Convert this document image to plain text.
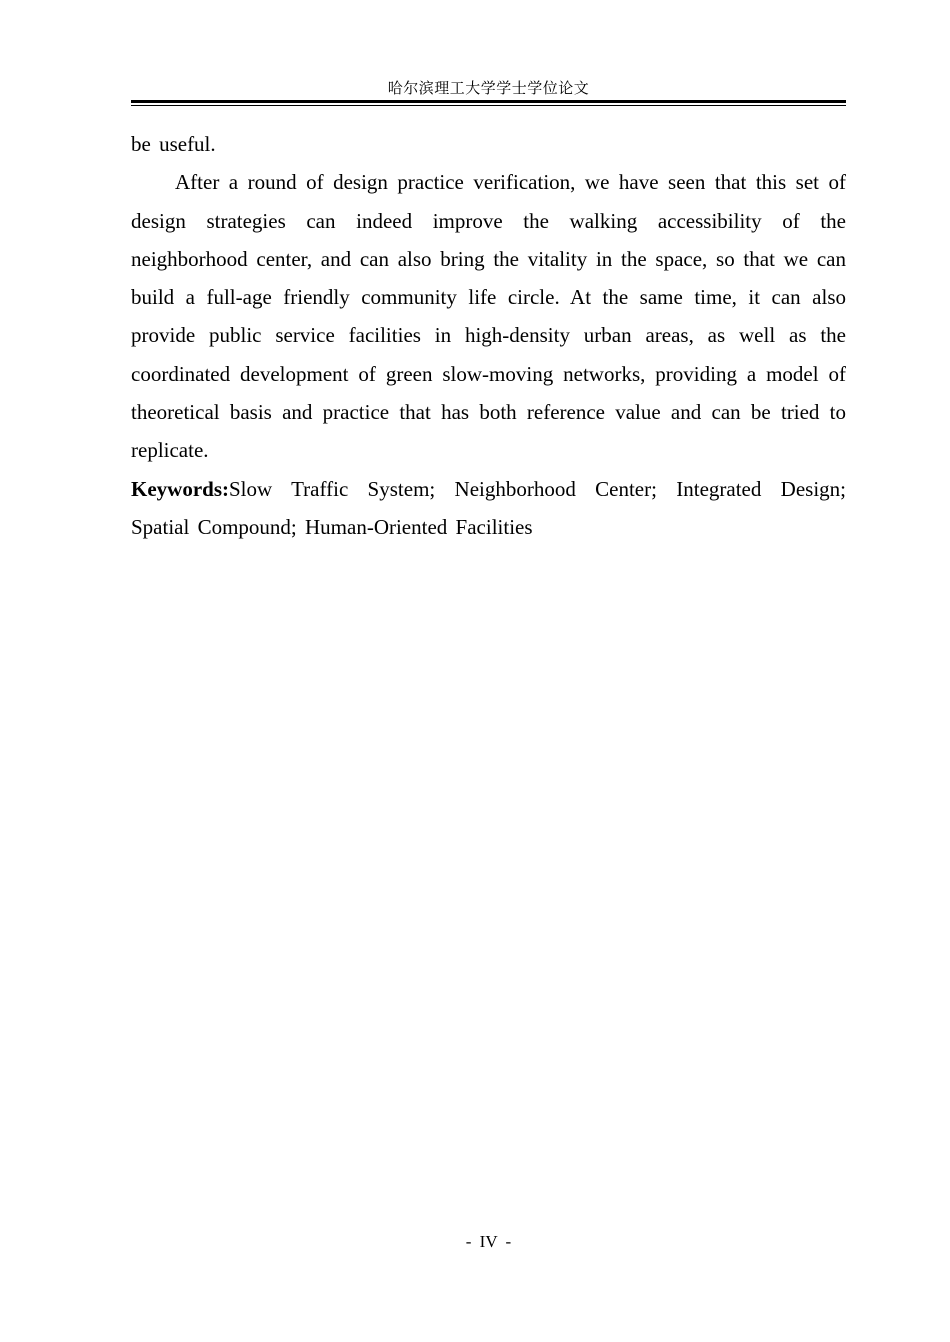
哈尔滨理工大学学士学位论文

be useful.

After a round of design practice verification, we have seen that this set of design strategies can indeed improve the walking accessibility of the neighborhood center, and can also bring the vitality in the space, so that we can build a full-age friendly community life circle. At the same time, it can also provide public service facilities in high-density urban areas, as well as the coordinated development of green slow-moving networks, providing a model of theoretical basis and practice that has both reference value and can be tried to replicate.

Keywords:Slow Traffic System; Neighborhood Center; Integrated Design; Spatial Compound; Human-Oriented Facilities

- IV -
